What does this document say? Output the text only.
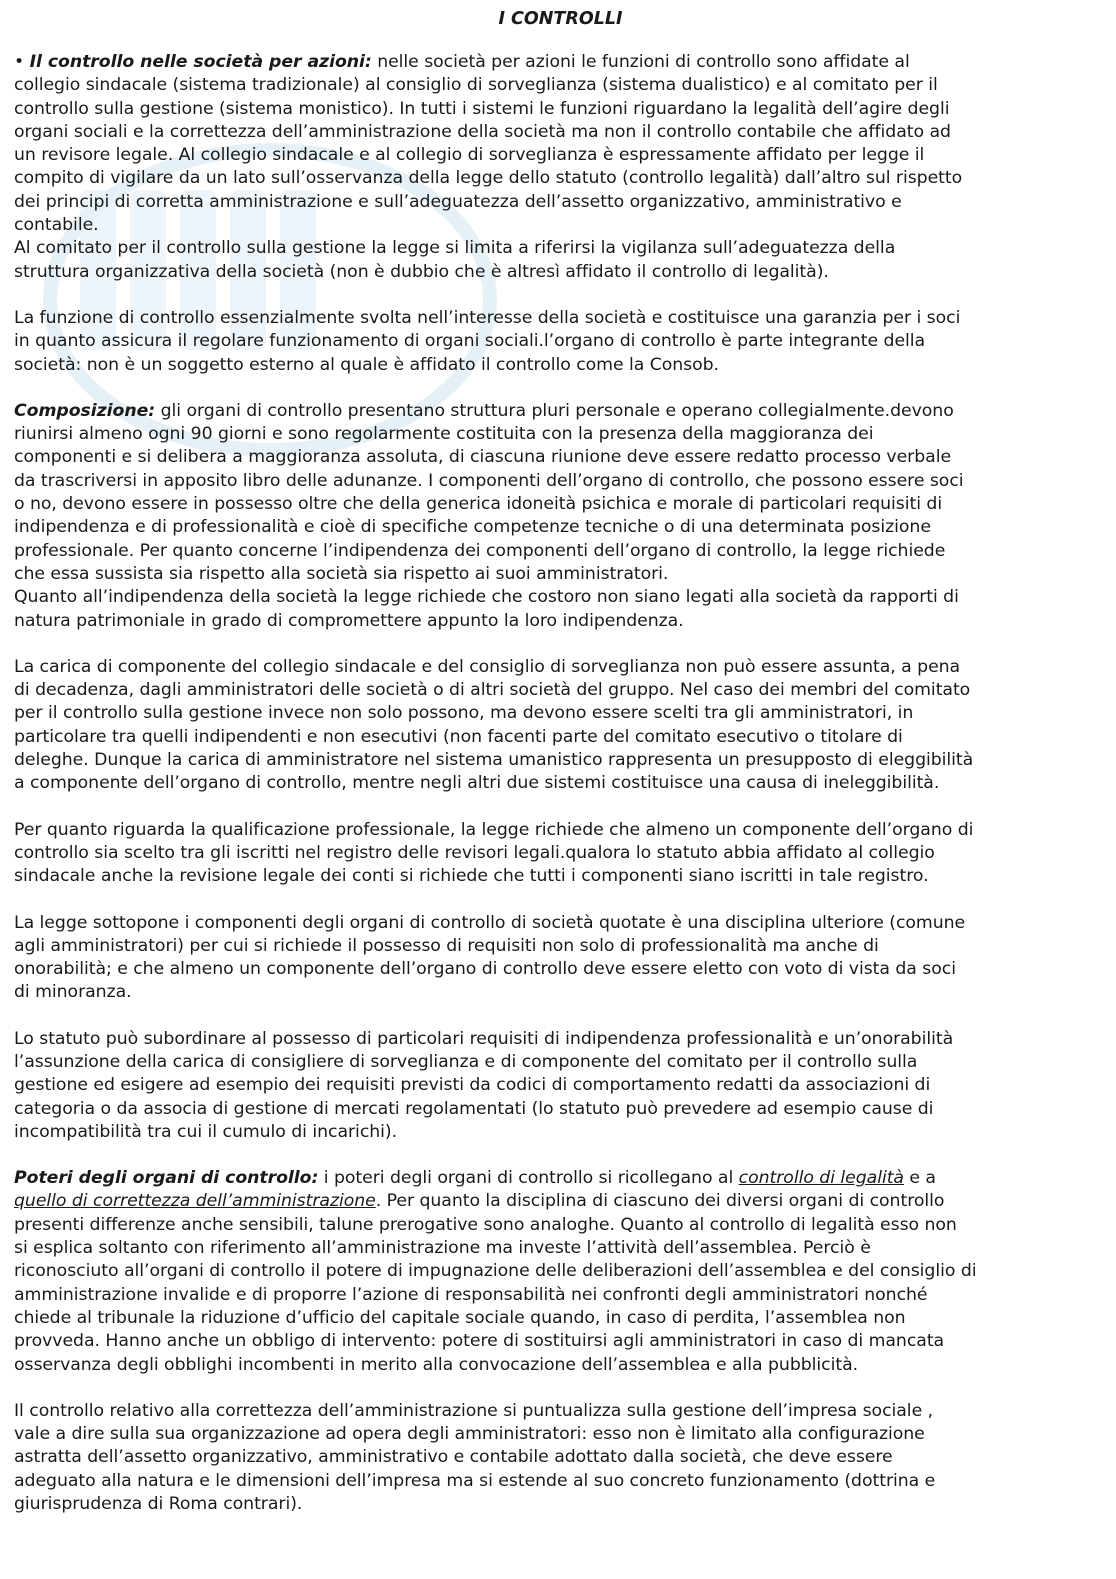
I CONTROLLI
• Il controllo nelle società per azioni: nelle società per azioni le funzioni di controllo sono affidate al
collegio sindacale (sistema tradizionale) al consiglio di sorveglianza (sistema dualistico) e al comitato per il
controllo sulla gestione (sistema monistico). In tutti i sistemi le funzioni riguardano la legalità dell’agire degli
organi sociali e la correttezza dell’amministrazione della società ma non il controllo contabile che affidato ad
un revisore legale. Al collegio sindacale e al collegio di sorveglianza è espressamente affidato per legge il
compito di vigilare da un lato sull’osservanza della legge dello statuto (controllo legalità) dall’altro sul rispetto
dei principi di corretta amministrazione e sull’adeguatezza dell’assetto organizzativo, amministrativo e
contabile.
Al comitato per il controllo sulla gestione la legge si limita a riferirsi la vigilanza sull’adeguatezza della
struttura organizzativa della società (non è dubbio che è altresì affidato il controllo di legalità).
La funzione di controllo essenzialmente svolta nell’interesse della società e costituisce una garanzia per i soci
in quanto assicura il regolare funzionamento di organi sociali.l’organo di controllo è parte integrante della
società: non è un soggetto esterno al quale è affidato il controllo come la Consob.
Composizione: gli organi di controllo presentano struttura pluri personale e operano collegialmente.devono
riunirsi almeno ogni 90 giorni e sono regolarmente costituita con la presenza della maggioranza dei
componenti e si delibera a maggioranza assoluta, di ciascuna riunione deve essere redatto processo verbale
da trascriversi in apposito libro delle adunanze. I componenti dell’organo di controllo, che possono essere soci
o no, devono essere in possesso oltre che della generica idoneità psichica e morale di particolari requisiti di
indipendenza e di professionalità e cioè di specifiche competenze tecniche o di una determinata posizione
professionale. Per quanto concerne l’indipendenza dei componenti dell’organo di controllo, la legge richiede
che essa sussista sia rispetto alla società sia rispetto ai suoi amministratori.
Quanto all’indipendenza della società la legge richiede che costoro non siano legati alla società da rapporti di
natura patrimoniale in grado di compromettere appunto la loro indipendenza.
La carica di componente del collegio sindacale e del consiglio di sorveglianza non può essere assunta, a pena
di decadenza, dagli amministratori delle società o di altri società del gruppo. Nel caso dei membri del comitato
per il controllo sulla gestione invece non solo possono, ma devono essere scelti tra gli amministratori, in
particolare tra quelli indipendenti e non esecutivi (non facenti parte del comitato esecutivo o titolare di
deleghe. Dunque la carica di amministratore nel sistema umanistico rappresenta un presupposto di eleggibilità
a componente dell’organo di controllo, mentre negli altri due sistemi costituisce una causa di ineleggibilità.
Per quanto riguarda la qualificazione professionale, la legge richiede che almeno un componente dell’organo di
controllo sia scelto tra gli iscritti nel registro delle revisori legali.qualora lo statuto abbia affidato al collegio
sindacale anche la revisione legale dei conti si richiede che tutti i componenti siano iscritti in tale registro.
La legge sottopone i componenti degli organi di controllo di società quotate è una disciplina ulteriore (comune
agli amministratori) per cui si richiede il possesso di requisiti non solo di professionalità ma anche di
onorabilità; e che almeno un componente dell’organo di controllo deve essere eletto con voto di vista da soci
di minoranza.
Lo statuto può subordinare al possesso di particolari requisiti di indipendenza professionalità e un’onorabilità
l’assunzione della carica di consigliere di sorveglianza e di componente del comitato per il controllo sulla
gestione ed esigere ad esempio dei requisiti previsti da codici di comportamento redatti da associazioni di
categoria o da associa di gestione di mercati regolamentati (lo statuto può prevedere ad esempio cause di
incompatibilità tra cui il cumulo di incarichi).
Poteri degli organi di controllo: i poteri degli organi di controllo si ricollegano al controllo di legalità e a
quello di correttezza dell’amministrazione. Per quanto la disciplina di ciascuno dei diversi organi di controllo
presenti differenze anche sensibili, talune prerogative sono analoghe. Quanto al controllo di legalità esso non
si esplica soltanto con riferimento all’amministrazione ma investe l’attività dell’assemblea. Perciò è
riconosciuto all’organi di controllo il potere di impugnazione delle deliberazioni dell’assemblea e del consiglio di
amministrazione invalide e di proporre l’azione di responsabilità nei confronti degli amministratori nonché
chiede al tribunale la riduzione d’ufficio del capitale sociale quando, in caso di perdita, l’assemblea non
provveda. Hanno anche un obbligo di intervento: potere di sostituirsi agli amministratori in caso di mancata
osservanza degli obblighi incombenti in merito alla convocazione dell’assemblea e alla pubblicità.
Il controllo relativo alla correttezza dell’amministrazione si puntualizza sulla gestione dell’impresa sociale ,
vale a dire sulla sua organizzazione ad opera degli amministratori: esso non è limitato alla configurazione
astratta dell’assetto organizzativo, amministrativo e contabile adottato dalla società, che deve essere
adeguato alla natura e le dimensioni dell’impresa ma si estende al suo concreto funzionamento (dottrina e
giurisprudenza di Roma contrari).
